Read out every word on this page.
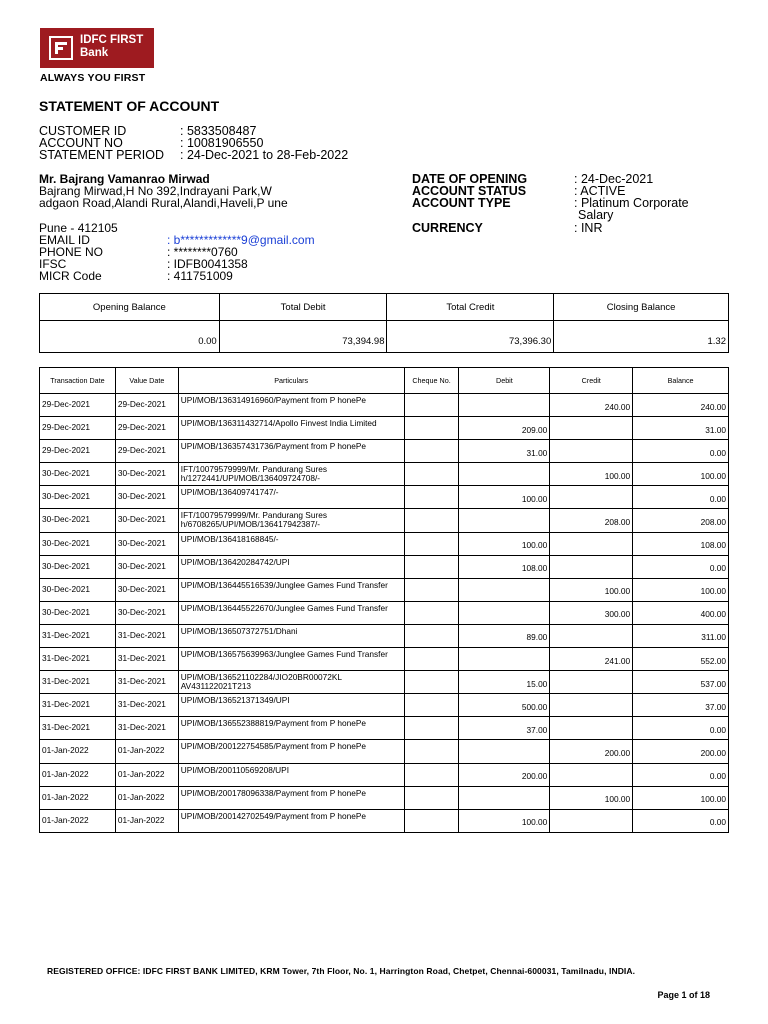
IDFC FIRST
Bank
ALWAYS YOU FIRST
STATEMENT OF ACCOUNT
CUSTOMER ID	: 5833508487
ACCOUNT NO	: 10081906550
STATEMENT PERIOD : 24-Dec-2021 to 28-Feb-2022
Mr. Bajrang Vamanrao Mirwad
Bajrang Mirwad,H No 392,Indrayani Park,W adgaon Road,Alandi Rural,Alandi,Haveli,P une
Pune - 412105
EMAIL ID	: b*************9@gmail.com
PHONE NO	: ********0760
IFSC	: IDFB0041358
MICR Code	: 411751009
DATE OF OPENING	: 24-Dec-2021
ACCOUNT STATUS	: ACTIVE
ACCOUNT TYPE	: Platinum Corporate
Salary
CURRENCY	: INR
Opening Balance	Total Debit	Total Credit	Closing Balance
0.00	73,394.98	73,396.30	1.32
Transaction Date	Value Date	Particulars	Cheque No.	Debit	Credit	Balance
29-Dec-2021	29-Dec-2021	UPI/MOB/136314916960/Payment from P honePe			240.00	240.00
29-Dec-2021	29-Dec-2021	UPI/MOB/136311432714/Apollo Finvest India Limited		209.00		31.00
29-Dec-2021	29-Dec-2021	UPI/MOB/136357431736/Payment from P honePe		31.00		0.00
30-Dec-2021	30-Dec-2021	IFT/10079579999/Mr. Pandurang Sures h/1272441/UPI/MOB/136409724708/-			100.00	100.00
30-Dec-2021	30-Dec-2021	UPI/MOB/136409741747/-		100.00		0.00
30-Dec-2021	30-Dec-2021	IFT/10079579999/Mr. Pandurang Sures h/6708265/UPI/MOB/136417942387/-			208.00	208.00
30-Dec-2021	30-Dec-2021	UPI/MOB/136418168845/-		100.00		108.00
30-Dec-2021	30-Dec-2021	UPI/MOB/136420284742/UPI		108.00		0.00
30-Dec-2021	30-Dec-2021	UPI/MOB/136445516539/Junglee Games Fund Transfer			100.00	100.00
30-Dec-2021	30-Dec-2021	UPI/MOB/136445522670/Junglee Games Fund Transfer			300.00	400.00
31-Dec-2021	31-Dec-2021	UPI/MOB/136507372751/Dhani		89.00		311.00
31-Dec-2021	31-Dec-2021	UPI/MOB/136575639963/Junglee Games Fund Transfer			241.00	552.00
31-Dec-2021	31-Dec-2021	UPI/MOB/136521102284/JIO20BR00072KL AV431122021T213		15.00		537.00
31-Dec-2021	31-Dec-2021	UPI/MOB/136521371349/UPI		500.00		37.00
31-Dec-2021	31-Dec-2021	UPI/MOB/136552388819/Payment from P honePe		37.00		0.00
01-Jan-2022	01-Jan-2022	UPI/MOB/200122754585/Payment from P honePe			200.00	200.00
01-Jan-2022	01-Jan-2022	UPI/MOB/200110569208/UPI		200.00		0.00
01-Jan-2022	01-Jan-2022	UPI/MOB/200178096338/Payment from P honePe			100.00	100.00
01-Jan-2022	01-Jan-2022	UPI/MOB/200142702549/Payment from P honePe		100.00		0.00
REGISTERED OFFICE: IDFC FIRST BANK LIMITED, KRM Tower, 7th Floor, No. 1, Harrington Road, Chetpet, Chennai-600031, Tamilnadu, INDIA.
Page 1 of 18
